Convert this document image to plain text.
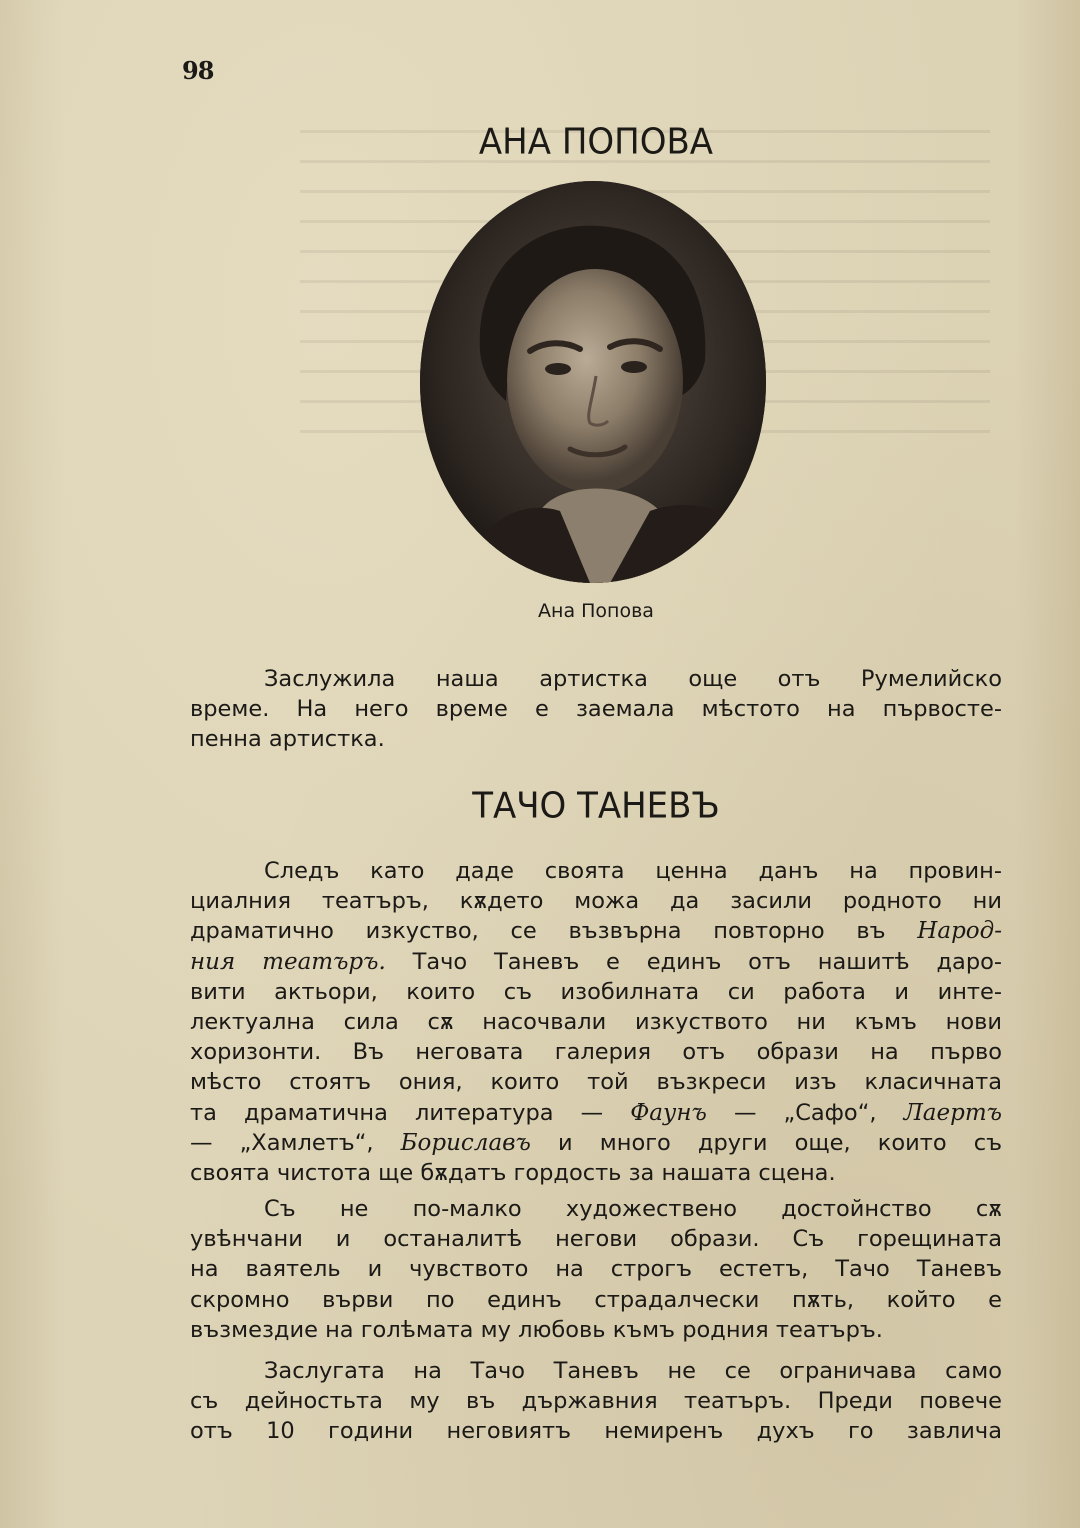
98
АНА ПОПОВА
Ана Попова
Заслужила наша артистка още отъ Румелийско
време. На него време е заемала мѣстото на първосте-
пенна артистка.
ТАЧО ТАНЕВЪ
Следъ като даде своята ценна данъ на провин-
циалния театъръ, кѫдето можа да засили родното ни
драматично изкуство, се възвърна повторно въ Народ-
ния театъръ. Тачо Таневъ е единъ отъ нашитѣ даро-
вити актьори, които съ изобилната си работа и инте-
лектуална сила сѫ насочвали изкуството ни къмъ нови
хоризонти. Въ неговата галерия отъ образи на първо
мѣсто стоятъ ония, които той възкреси изъ класичната
та драматична литература — Фаунъ — „Сафо“, Лаертъ
— „Хамлетъ“, Бориславъ и много други още, които съ
своята чистота ще бѫдатъ гордость за нашата сцена.
Съ не по-малко художествено достойнство сѫ
увѣнчани и останалитѣ негови образи. Съ горещината
на ваятель и чувството на строгъ естетъ, Тачо Таневъ
скромно върви по единъ страдалчески пѫть, който е
възмездие на голѣмата му любовь къмъ родния театъръ.
Заслугата на Тачо Таневъ не се ограничава само
съ дейностьта му въ държавния театъръ. Преди повече
отъ 10 години неговиятъ немиренъ духъ го завлича
